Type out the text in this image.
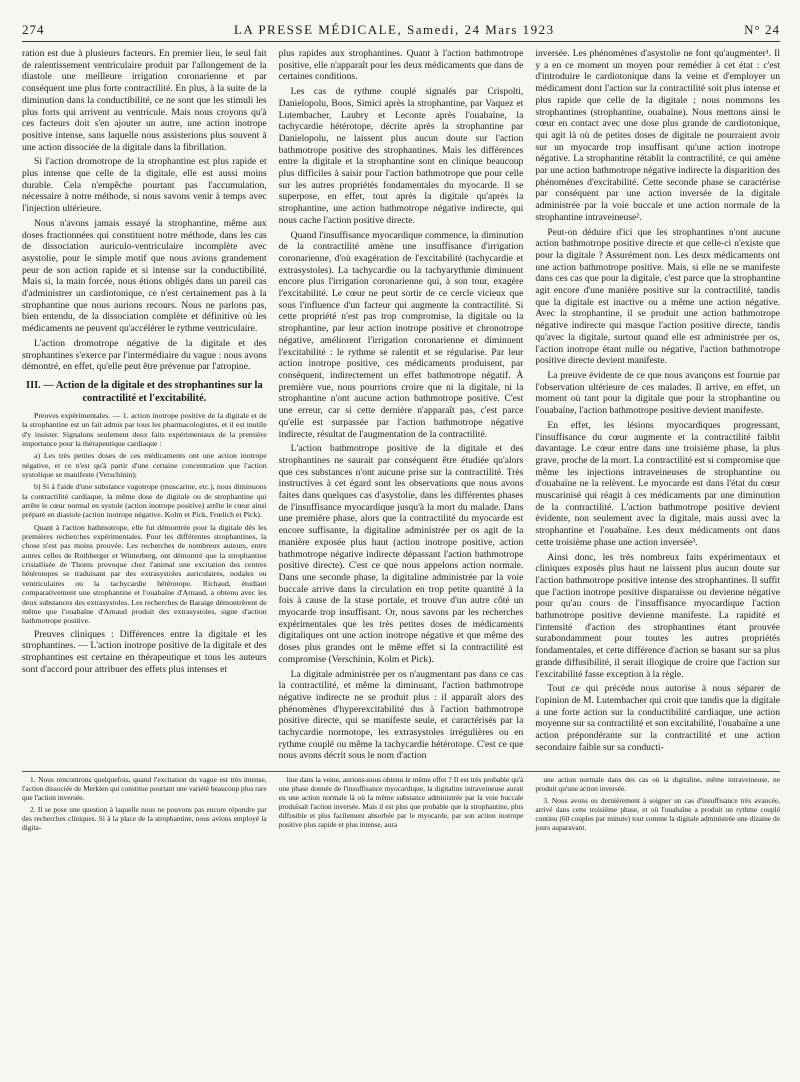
274	LA PRESSE MÉDICALE, Samedi, 24 Mars 1923	N° 24

ration est due à plusieurs facteurs. En premier lieu, le seul fait de ralentissement ventriculaire produit par l'allongement de la diastole une meilleure irrigation coronarienne et par conséquent une plus forte contractilité. En plus, à la suite de la diminution dans la conductibilité, ce ne sont que les stimuli les plus forts qui arrivent au ventricule. Mais nous croyons qu'à ces facteurs doit s'en ajouter un autre, une action inotrope positive intense, sans laquelle nous assisterions plus souvent à une action dissociée de la digitale dans la fibrillation.

Si l'action dromotrope de la strophantine est plus rapide et plus intense que celle de la digitale, elle est aussi moins durable. Cela n'empêche pourtant pas l'accumulation, nécessaire à notre méthode, si nous savons venir à temps avec l'injection ultérieure.

Nous n'avons jamais essayé la strophantine, même aux doses fractionnées qui constituent notre méthode, dans les cas de dissociation auriculo-ventriculaire incomplète avec asystolie, pour le simple motif que nous avions grandement peur de son action rapide et si intense sur la conductibilité. Mais si, la main forcée, nous étions obligés dans un pareil cas d'administrer un cardiotonique, ce n'est certainement pas à la strophantine que nous aurions recours. Nous ne parlons pas, bien entendu, de la dissociation complète et définitive où les médicaments ne peuvent qu'accélérer le rythme ventriculaire.

L'action dromotrope négative de la digitale et des strophantines s'exerce par l'intermédiaire du vague : nous avons démontré, en effet, qu'elle peut être prévenue par l'atropine.

III. — Action de la digitale et des strophantines sur la contractilité et l'excitabilité.

Preuves expérimentales. — 1. action inotrope positive de la digitale et de la strophantine est un fait admis par tous les pharmacologistes, et il est inutile d'y insister. Signalons seulement deux faits expérimentaux de la première importance pour la thérapeutique cardiaque :

a) Les très petites doses de ces médicaments ont une action inotrope négative, et ce n'est qu'à partir d'une certaine concentration que l'action systolique se manifeste (Verschinin);

b) Si à l'aide d'une substance vagotrope (muscarine, etc.), nous diminuons la contractilité cardiaque, la même dose de digitale ou de strophantine qui arrête le cœur normal en systole (action inotrope positive) arrête le cœur ainsi préparé en diastole (action inotrope négative. Kolm et Pick, Frœlich et Pick).

Quant à l'action bathmotrope, elle fut démontrée pour la digitale dès les premières recherches expérimentales. Pour les différentes strophantines, la chose n'est pas moins prouvée. Les recherches de nombreux auteurs, entre autres celles de Rothberger et Winterberg, ont démontré que la strophantine cristallisée de Thoms provoque chez l'animal une excitation des centres hétérotopes se traduisant par des extrasystoles auriculaires, nodales ou ventriculaires ou la tachycardie hétérotope. Richaud, étudiant comparativement une strophantine et l'ouabaïne d'Arnaud, a obtenu avec les deux substances des extrasystoles. Les recherches de Baraige démontrèrent de même que l'ouabaïne d'Arnaud produit des extrasystoles, signe d'action bathmotrope positive.

Preuves cliniques : Différences entre la digitale et les strophantines. — L'action inotrope positive de la digitale et des strophantines est certaine en thérapeutique et tous les auteurs sont d'accord pour attribuer des effets plus intenses et

plus rapides aux strophantines. Quant à l'action bathmotrope positive, elle n'apparaît pour les deux médicaments que dans de certaines conditions.

Les cas de rythme couplé signalés par Crispolti, Danielopolu, Boos, Simici après la strophantine, par Vaquez et Lutembacher, Laubry et Leconte après l'ouabaïne, la tachycardie hétérotope, décrite après la strophantine par Danielopolu, ne laissent plus aucun doute sur l'action bathmotrope positive des strophantines. Mais les différences entre la digitale et la strophantine sont en clinique beaucoup plus difficiles à saisir pour l'action bathmotrope que pour celle sur les autres propriétés fondamentales du myocarde. Il se superpose, en effet, tout après la digitale qu'après la strophantine, une action bathmotrope négative indirecte, qui nous cache l'action positive directe.

Quand l'insuffisance myocardique commence, la diminution de la contractilité amène une insuffisance d'irrigation coronarienne, d'où exagération de l'excitabilité (tachycardie et extrasystoles). La tachycardie ou la tachyarythmie diminuent encore plus l'irrigation coronarienne qui, à son tour, exagère l'excitabilité. Le cœur ne peut sortir de ce cercle vicieux que sous l'influence d'un facteur qui augmente la contractilité. Si cette propriété n'est pas trop compromise, la digitale ou la strophantine, par leur action inotrope positive et chronotrope négative, améliorent l'irrigation coronarienne et diminuent l'excitabilité : le rythme se ralentit et se régularise. Par leur action inotrope positive, ces médicaments produisent, par conséquent, indirectement un effet bathmotrope négatif. À première vue, nous pourrions croire que ni la digitale, ni la strophantine n'ont aucune action bathmotrope positive. C'est une erreur, car si cette dernière n'apparaît pas, c'est parce qu'elle est surpassée par l'action bathmotrope négative indirecte, résultat de l'augmentation de la contractilité.

L'action bathmotrope positive de la digitale et des strophantines ne saurait par conséquent être étudiée qu'alors que ces substances n'ont aucune prise sur la contractilité. Très instructives à cet égard sont les observations que nous avons faites dans quelques cas d'asystolie, dans les différentes phases de l'insuffisance myocardique jusqu'à la mort du malade. Dans une première phase, alors que la contractilité du myocarde est encore suffisante, la digitaline administrée per os agit de la manière exposée plus haut (action inotrope positive, action bathmotrope négative indirecte dépassant l'action bathmotrope positive directe). C'est ce que nous appelons action normale. Dans une seconde phase, la digitaline administrée par la voie buccale arrive dans la circulation en trop petite quantité à la fois à cause de la stase portale, et trouve d'un autre côté un myocarde trop insuffisant. Or, nous savons par les recherches expérimentales que les très petites doses de médicaments digitaliques ont une action inotrope négative et que même des doses plus grandes ont le même effet si la contractilité est compromise (Verschinin, Kolm et Pick).

La digitale administrée per os n'augmentant pas dans ce cas la contractilité, et même la diminuant, l'action bathmotrope négative indirecte ne se produit plus : il apparaît alors des phénomènes d'hyperexcitabilité dus à l'action bathmotrope positive directe, qui se manifeste seule, et caractérisés par la tachycardie normotope, les extrasystoles irrégulières ou en rythme couplé ou même la tachycardie hétérotope. C'est ce que nous avons décrit sous le nom d'action

inversée. Les phénomènes d'asystolie ne font qu'augmenter¹. Il y a en ce moment un moyen pour remédier à cet état : c'est d'introduire le cardiotonique dans la veine et d'employer un médicament dont l'action sur la contractilité soit plus intense et plus rapide que celle de la digitale ; nous nommons les strophantines (strophantine, ouabaïne). Nous mettons ainsi le cœur en contact avec une dose plus grande de cardiotonique, qui agit là où de petites doses de digitale ne pourraient avoir sur un myocarde trop insuffisant qu'une action inotrope négative. La strophantine rétablit la contractilité, ce qui amène par une action bathmotrope négative indirecte la disparition des phénomènes d'excitabilité. Cette seconde phase se caractérise par conséquent par une action inversée de la digitale administrée par la voie buccale et une action normale de la strophantine intraveineuse².

Peut-on déduire d'ici que les strophantines n'ont aucune action bathmotrope positive directe et que celle-ci n'existe que pour la digitale ? Assurément non. Les deux médicaments ont une action bathmotrope positive. Mais, si elle ne se manifeste dans ces cas que pour la digitale, c'est parce que la strophantine agit encore d'une manière positive sur la contractilité, tandis que la digitale est inactive ou a même une action négative. Avec la strophantine, il se produit une action bathmotrope négative indirecte qui masque l'action positive directe, tandis qu'avec la digitale, surtout quand elle est administrée per os, l'action inotrope étant nulle ou négative, l'action bathmotrope positive directe devient manifeste.

La preuve évidente de ce que nous avançons est fournie par l'observation ultérieure de ces malades. Il arrive, en effet, un moment où tant pour la digitale que pour la strophantine ou l'ouabaïne, l'action bathmotrope positive devient manifeste.

En effet, les lésions myocardiques progressant, l'insuffisance du cœur augmente et la contractilité faiblit davantage. Le cœur entre dans une troisième phase, la plus grave, proche de la mort. La contractilité est si compromise que même les injections intraveineuses de strophantine ou d'ouabaïne ne la relèvent. Le myocarde est dans l'état du cœur muscarinisé qui réagit à ces médicaments par une diminution de la contractilité. L'action bathmotrope positive devient évidente, non seulement avec la digitale, mais aussi avec la strophantine et l'ouabaïne. Les deux médicaments ont dans cette troisième phase une action inversée³.

Ainsi donc, les très nombreux faits expérimentaux et cliniques exposés plus haut ne laissent plus aucun doute sur l'action bathmotrope positive intense des strophantines. Il suffit que l'action inotrope positive disparaisse ou devienne négative pour qu'au cours de l'insuffisance myocardique l'action bathmotrope positive devienne manifeste. La rapidité et l'intensité d'action des strophantines étant prouvée surabondamment pour toutes les autres propriétés fondamentales, et cette différence d'action se basant sur sa plus grande diffusibilité, il serait illogique de croire que l'action sur l'excitabilité fasse exception à la règle.

Tout ce qui précède nous autorise à nous séparer de l'opinion de M. Lutembacher qui croit que tandis que la digitale a une forte action sur la conductibilité cardiaque, une action moyenne sur sa contractilité et son excitabilité, l'ouabaïne a une action prépondérante sur la contractilité et une action secondaire faible sur sa conducti-

1. Nous rencontrons quelquefois, quand l'excitation du vague est très intense, l'action dissociée de Merklen qui constitue pourtant une variété beaucoup plus rare que l'action inversée.

2. Il se pose une question à laquelle nous ne pouvons pas encore répondre par des recherches cliniques. Si à la place de la strophantine, nous avions employé la digita-

line dans la veine, aurions-nous obtenu le même effet ? Il est très probable qu'à une phase donnée de l'insuffisance myocardique, la digitaline intraveineuse aurait eu une action normale là où la même substance administrée par la voie buccale produisait l'action inversée. Mais il est plus que probable que la strophantine, plus diffusible et plus facilement absorbée par le myocarde, par son action inotrope positive plus rapide et plus intense, aura

une action normale dans des cas où la digitaline, même intraveineuse, ne produit qu'une action inversée.

3. Nous avons eu dernièrement à soigner un cas d'insuffisance très avancée, arrivé dans cette troisième phase, et où l'ouabaïne a produit un rythme couplé continu (60 couples par minute) tout comme la digitale administrée une dizaine de jours auparavant.
